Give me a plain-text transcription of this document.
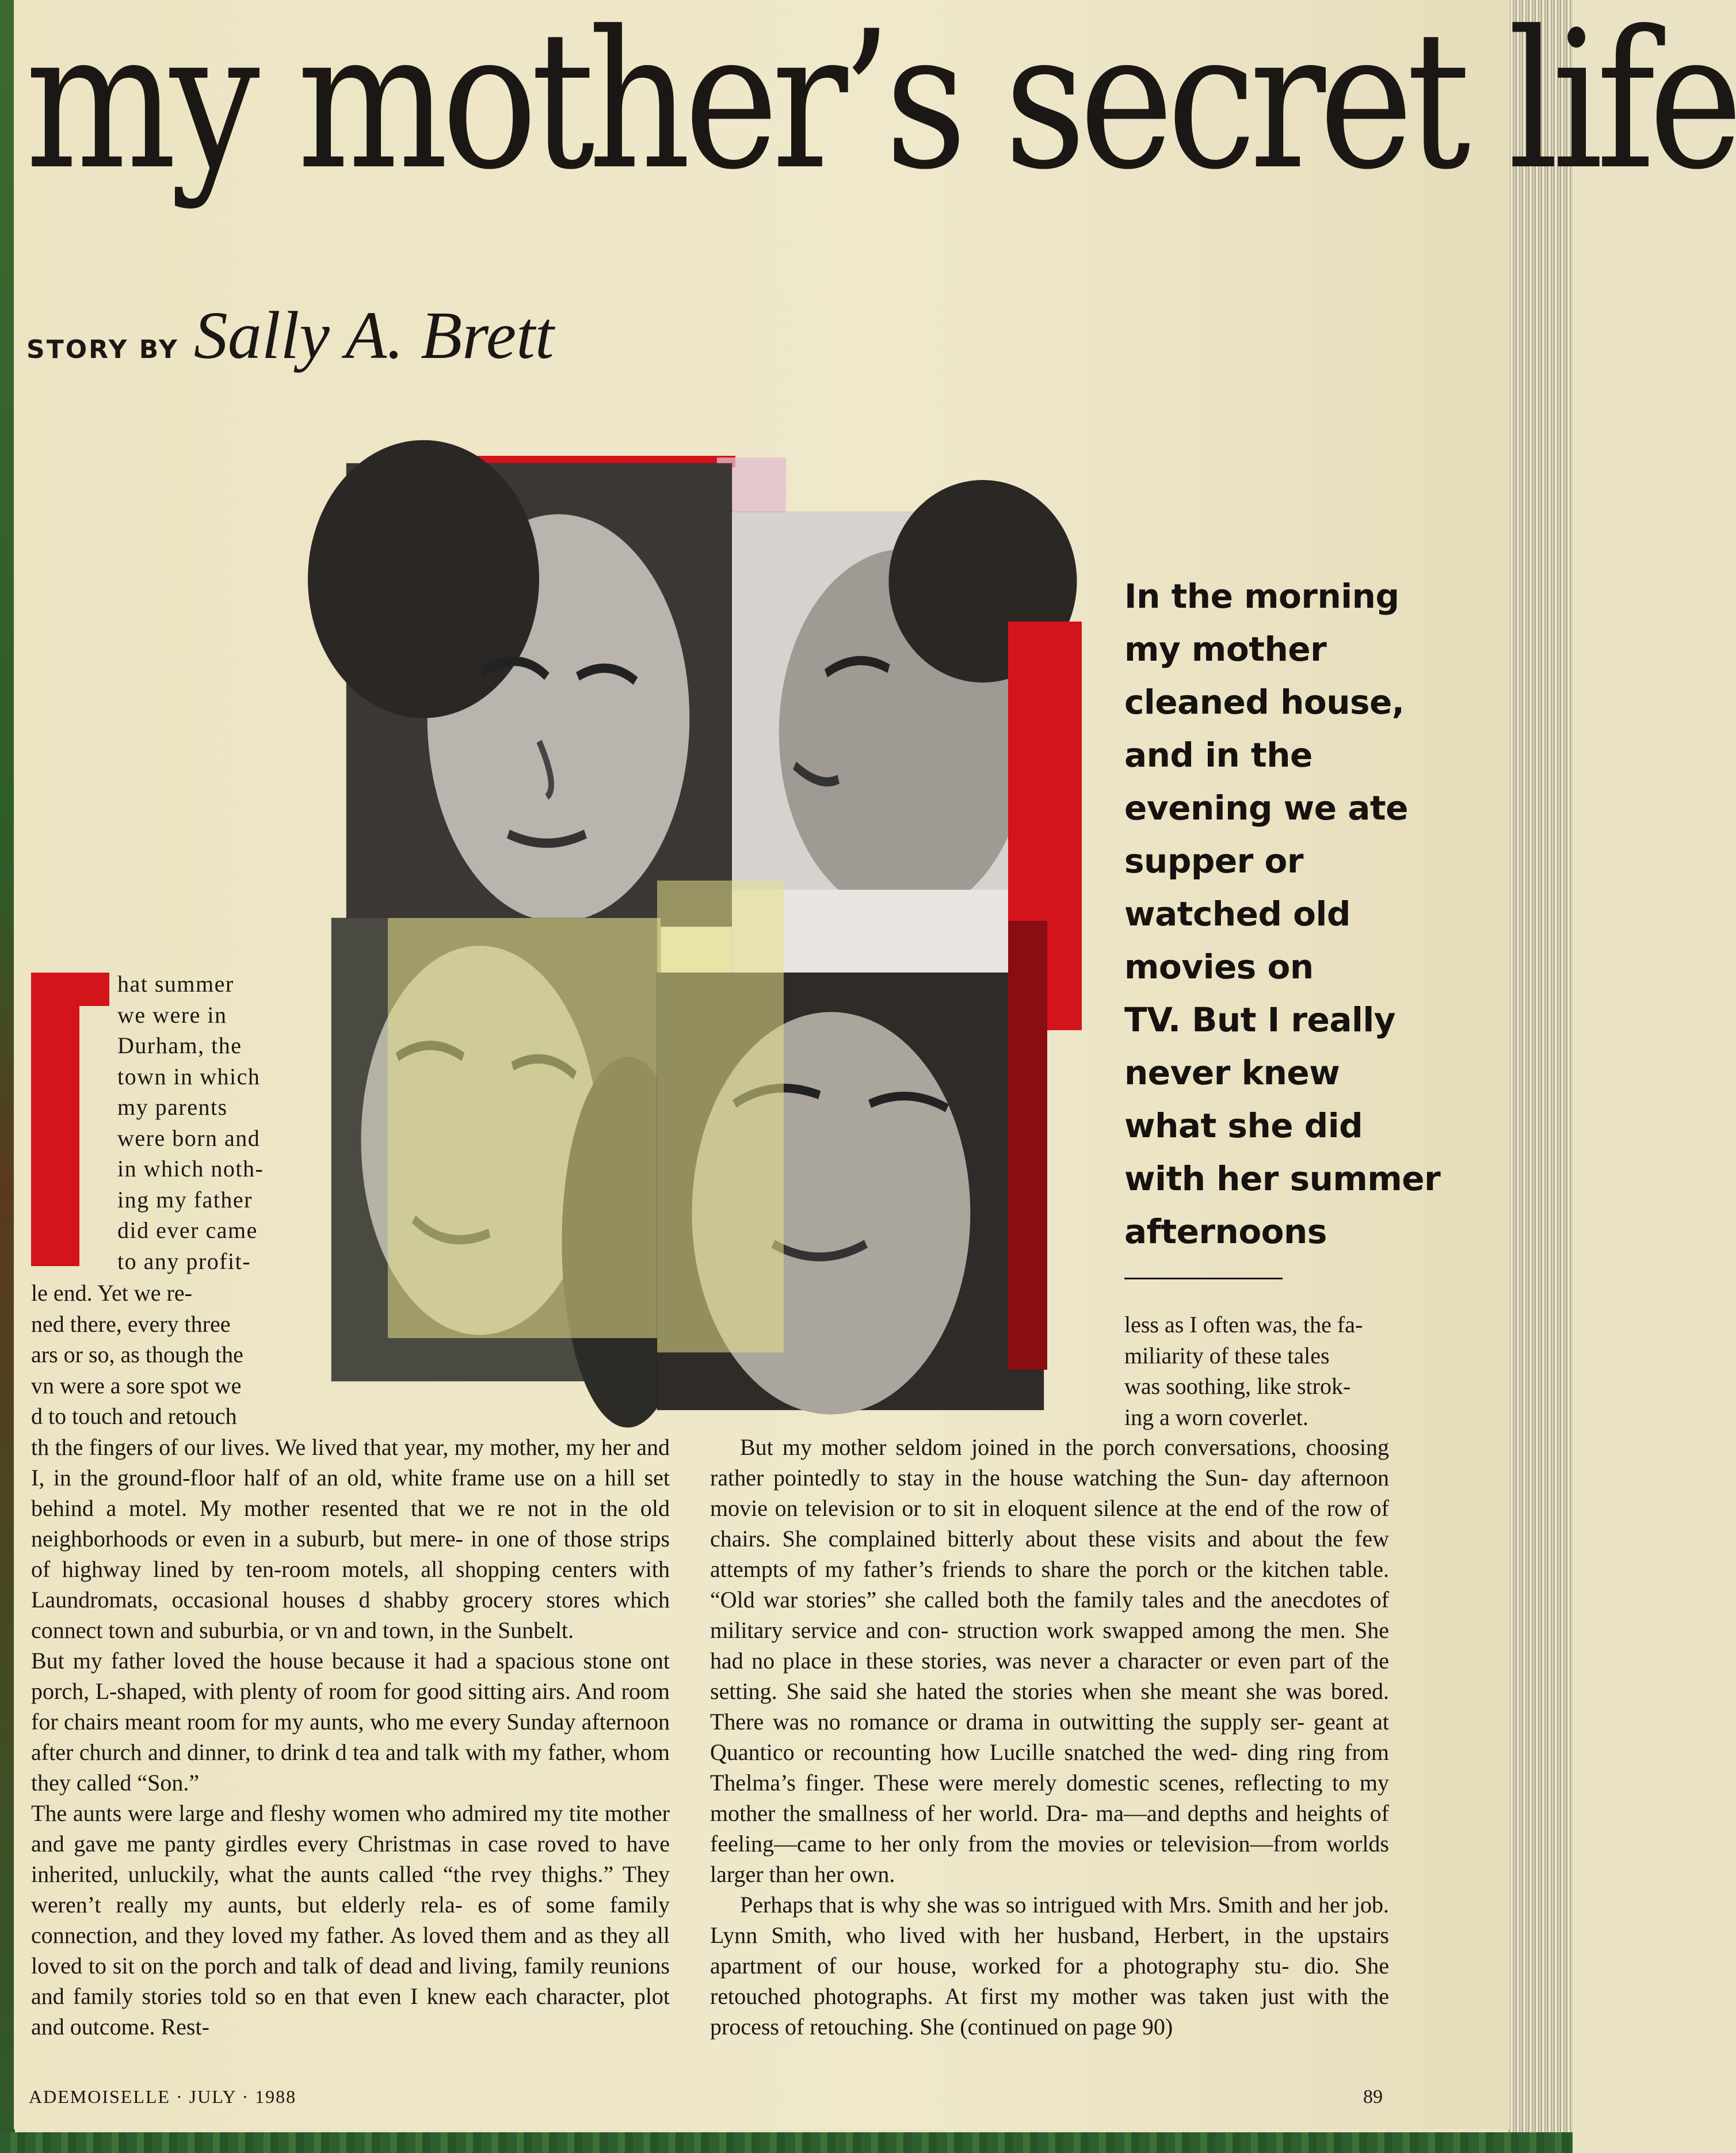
my mother’s secret life
STORY BY Sally A. Brett
In the morning
my mother
cleaned house,
and in the
evening we ate
supper or
watched old
movies on
TV. But I really
never knew
what she did
with her summer
afternoons
hat summer
we were in
Durham, the
town in which
my parents
were born and
in which noth-
ing my father
did ever came
to any profit-
le end. Yet we re-
ned there, every three
ars or so, as though the
vn were a sore spot we
d to touch and retouch

th the fingers of our lives. We lived that year, my mother, my her and I, in the ground-floor half of an old, white frame use on a hill set behind a motel. My mother resented that we re not in the old neighborhoods or even in a suburb, but mere- in one of those strips of highway lined by ten-room motels, all shopping centers with Laundromats, occasional houses d shabby grocery stores which connect town and suburbia, or vn and town, in the Sunbelt.

But my father loved the house because it had a spacious stone ont porch, L-shaped, with plenty of room for good sitting airs. And room for chairs meant room for my aunts, who me every Sunday afternoon after church and dinner, to drink d tea and talk with my father, whom they called “Son.”

The aunts were large and fleshy women who admired my tite mother and gave me panty girdles every Christmas in case roved to have inherited, unluckily, what the aunts called “the rvey thighs.” They weren’t really my aunts, but elderly rela- es of some family connection, and they loved my father. As loved them and as they all loved to sit on the porch and talk of dead and living, family reunions and family stories told so en that even I knew each character, plot and outcome. Rest-

less as I often was, the fa-
miliarity of these tales
was soothing, like strok-
ing a worn coverlet.

But my mother seldom joined in the porch conversations, choosing rather pointedly to stay in the house watching the Sun- day afternoon movie on television or to sit in eloquent silence at the end of the row of chairs. She complained bitterly about these visits and about the few attempts of my father’s friends to share the porch or the kitchen table. “Old war stories” she called both the family tales and the anecdotes of military service and con- struction work swapped among the men. She had no place in these stories, was never a character or even part of the setting. She said she hated the stories when she meant she was bored. There was no romance or drama in outwitting the supply ser- geant at Quantico or recounting how Lucille snatched the wed- ding ring from Thelma’s finger. These were merely domestic scenes, reflecting to my mother the smallness of her world. Dra- ma—and depths and heights of feeling—came to her only from the movies or television—from worlds larger than her own.

Perhaps that is why she was so intrigued with Mrs. Smith and her job. Lynn Smith, who lived with her husband, Herbert, in the upstairs apartment of our house, worked for a photography stu- dio. She retouched photographs. At first my mother was taken just with the process of retouching. She (continued on page 90)

ADEMOISELLE · JULY · 1988	89
